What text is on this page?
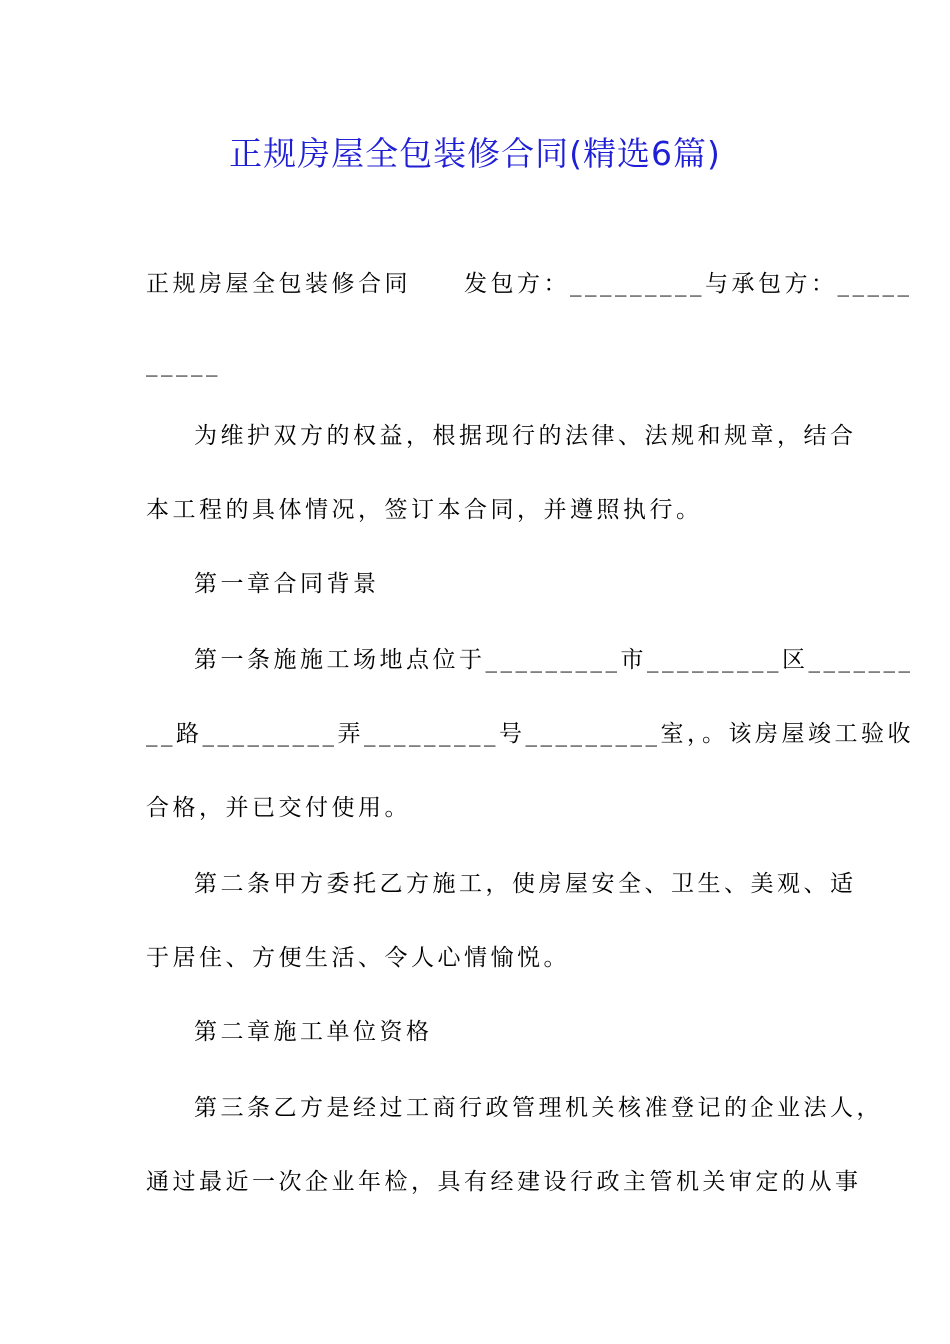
正规房屋全包装修合同(精选6篇)
正规房屋全包装修合同　　发包方：_________与承包方：_____
_____
为维护双方的权益，根据现行的法律、法规和规章，结合
本工程的具体情况，签订本合同，并遵照执行。
第一章合同背景
第一条施施工场地点位于_________市_________区_______
__路_________弄_________号_________室，。该房屋竣工验收
合格，并已交付使用。
第二条甲方委托乙方施工，使房屋安全、卫生、美观、适
于居住、方便生活、令人心情愉悦。
第二章施工单位资格
第三条乙方是经过工商行政管理机关核准登记的企业法人，
通过最近一次企业年检，具有经建设行政主管机关审定的从事
